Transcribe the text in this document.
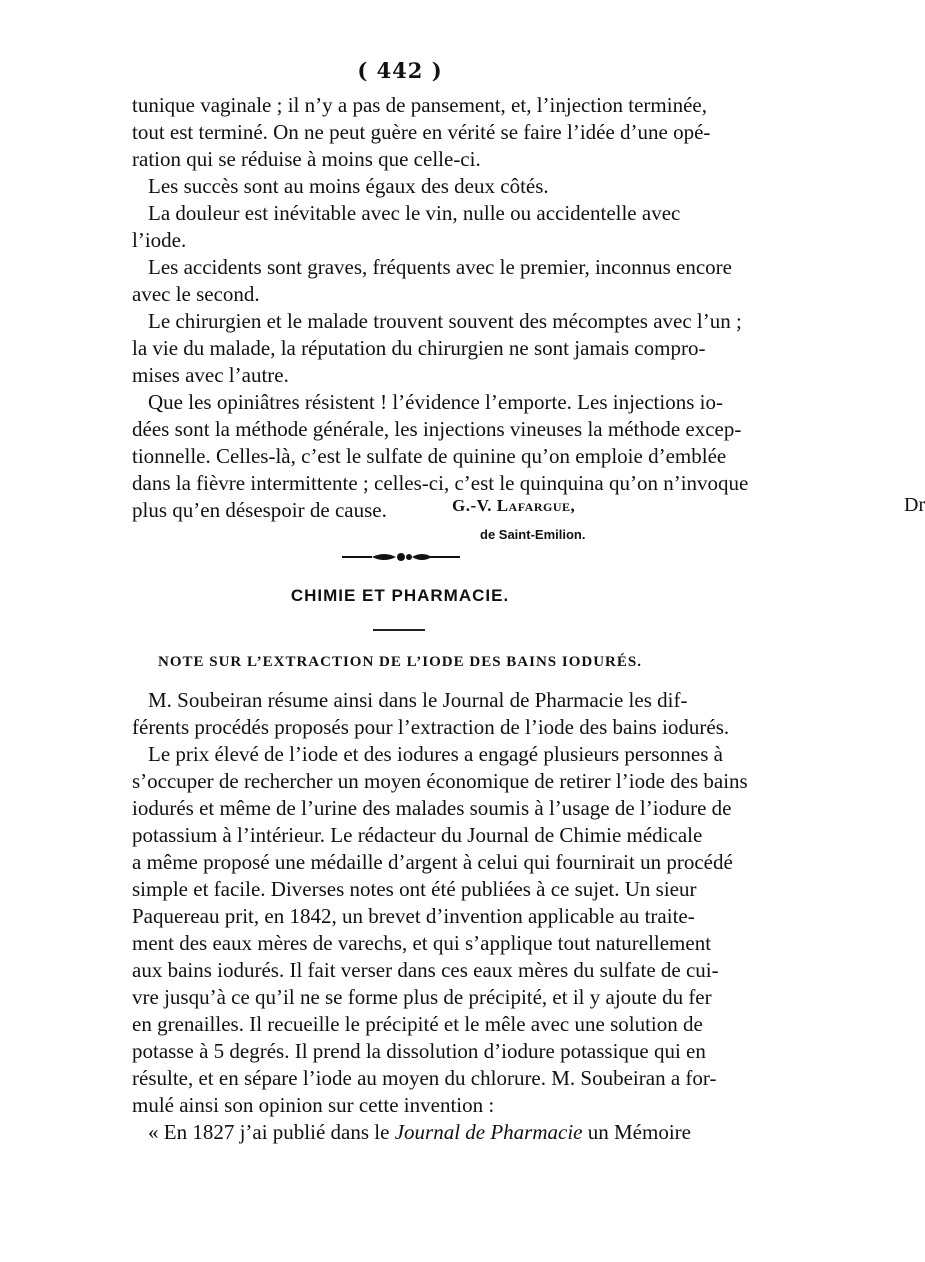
( 442 )
tunique vaginale ; il n’y a pas de pansement, et, l’injection terminée,
tout est terminé. On ne peut guère en vérité se faire l’idée d’une opé-
ration qui se réduise à moins que celle-ci.
Les succès sont au moins égaux des deux côtés.
La douleur est inévitable avec le vin, nulle ou accidentelle avec
l’iode.
Les accidents sont graves, fréquents avec le premier, inconnus encore
avec le second.
Le chirurgien et le malade trouvent souvent des mécomptes avec l’un ;
la vie du malade, la réputation du chirurgien ne sont jamais compro-
mises avec l’autre.
Que les opiniâtres résistent ! l’évidence l’emporte. Les injections io-
dées sont la méthode générale, les injections vineuses la méthode excep-
tionnelle. Celles-là, c’est le sulfate de quinine qu’on emploie d’emblée
dans la fièvre intermittente ; celles-ci, c’est le quinquina qu’on n’invoque
plus qu’en désespoir de cause.	Dr
G.-V. Lafargue,
de Saint-Emilion.
CHIMIE ET PHARMACIE.
NOTE SUR L’EXTRACTION DE L’IODE DES BAINS IODURÉS.
M. Soubeiran résume ainsi dans le Journal de Pharmacie les dif-
férents procédés proposés pour l’extraction de l’iode des bains iodurés.
Le prix élevé de l’iode et des iodures a engagé plusieurs personnes à
s’occuper de rechercher un moyen économique de retirer l’iode des bains
iodurés et même de l’urine des malades soumis à l’usage de l’iodure de
potassium à l’intérieur. Le rédacteur du Journal de Chimie médicale
a même proposé une médaille d’argent à celui qui fournirait un procédé
simple et facile. Diverses notes ont été publiées à ce sujet. Un sieur
Paquereau prit, en 1842, un brevet d’invention applicable au traite-
ment des eaux mères de varechs, et qui s’applique tout naturellement
aux bains iodurés. Il fait verser dans ces eaux mères du sulfate de cui-
vre jusqu’à ce qu’il ne se forme plus de précipité, et il y ajoute du fer
en grenailles. Il recueille le précipité et le mêle avec une solution de
potasse à 5 degrés. Il prend la dissolution d’iodure potassique qui en
résulte, et en sépare l’iode au moyen du chlorure. M. Soubeiran a for-
mulé ainsi son opinion sur cette invention :
« En 1827 j’ai publié dans le Journal de Pharmacie un Mémoire
